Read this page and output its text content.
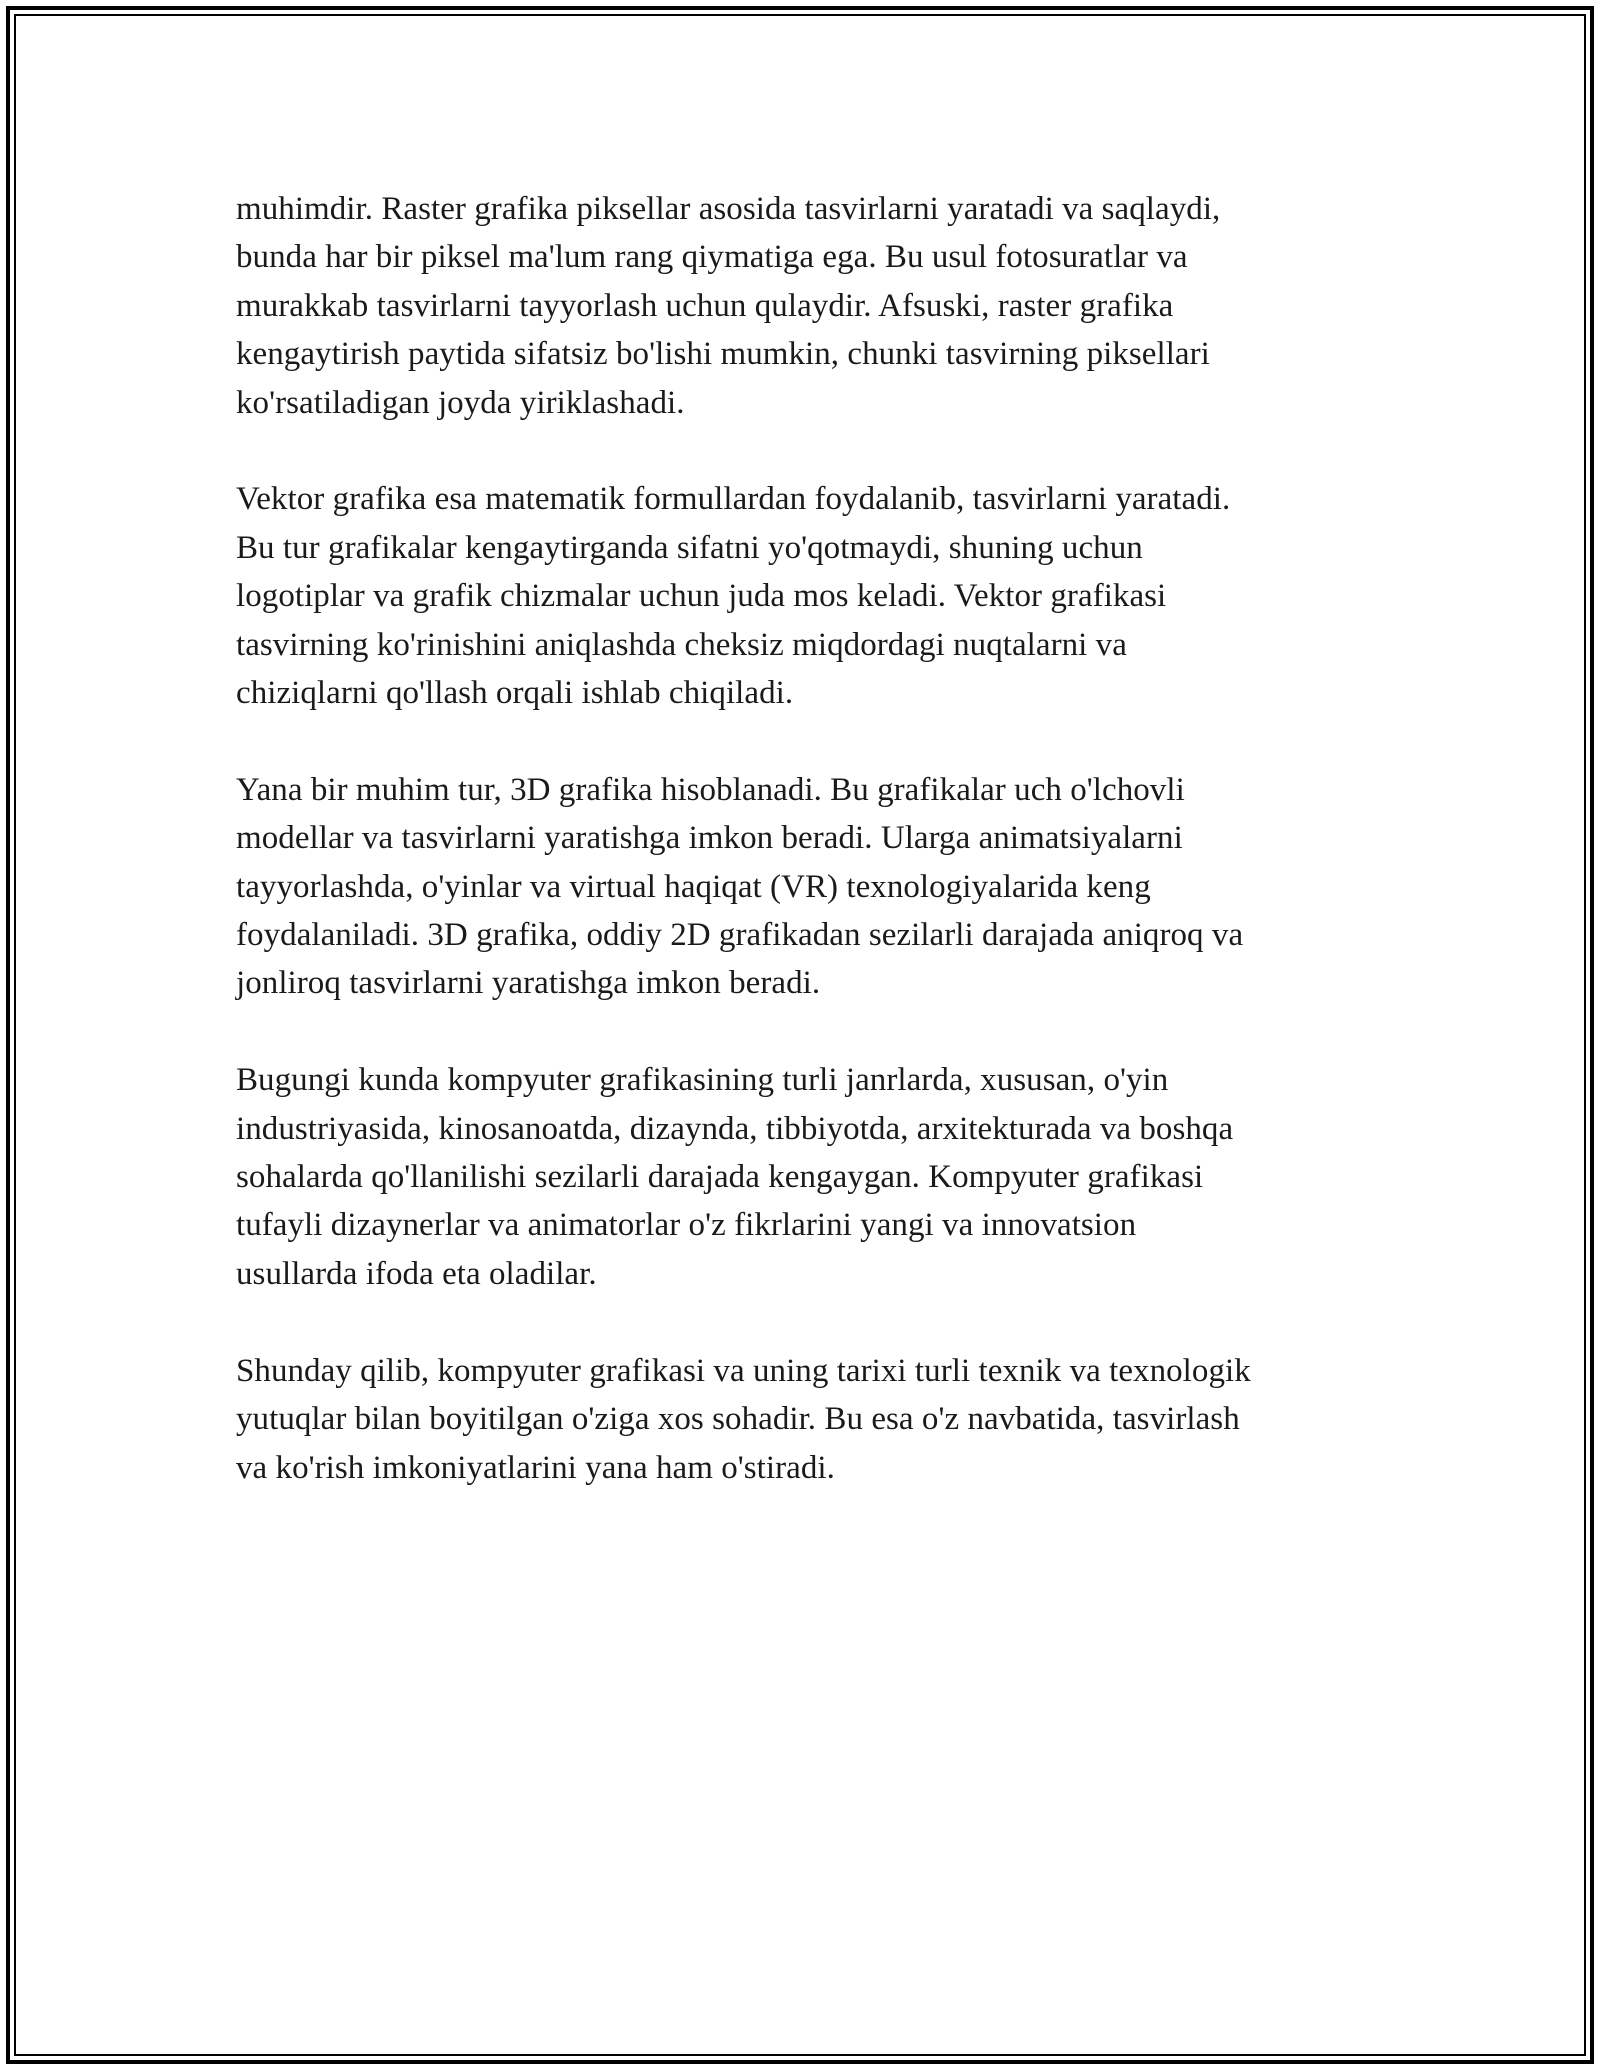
muhimdir. Raster grafika piksellar asosida tasvirlarni yaratadi va saqlaydi,
bunda har bir piksel ma'lum rang qiymatiga ega. Bu usul fotosuratlar va
murakkab tasvirlarni tayyorlash uchun qulaydir. Afsuski, raster grafika
kengaytirish paytida sifatsiz bo'lishi mumkin, chunki tasvirning piksellari
ko'rsatiladigan joyda yiriklashadi.

Vektor grafika esa matematik formullardan foydalanib, tasvirlarni yaratadi.
Bu tur grafikalar kengaytirganda sifatni yo'qotmaydi, shuning uchun
logotiplar va grafik chizmalar uchun juda mos keladi. Vektor grafikasi
tasvirning ko'rinishini aniqlashda cheksiz miqdordagi nuqtalarni va
chiziqlarni qo'llash orqali ishlab chiqiladi.

Yana bir muhim tur, 3D grafika hisoblanadi. Bu grafikalar uch o'lchovli
modellar va tasvirlarni yaratishga imkon beradi. Ularga animatsiyalarni
tayyorlashda, o'yinlar va virtual haqiqat (VR) texnologiyalarida keng
foydalaniladi. 3D grafika, oddiy 2D grafikadan sezilarli darajada aniqroq va
jonliroq tasvirlarni yaratishga imkon beradi.

Bugungi kunda kompyuter grafikasining turli janrlarda, xususan, o'yin
industriyasida, kinosanoatda, dizaynda, tibbiyotda, arxitekturada va boshqa
sohalarda qo'llanilishi sezilarli darajada kengaygan. Kompyuter grafikasi
tufayli dizaynerlar va animatorlar o'z fikrlarini yangi va innovatsion
usullarda ifoda eta oladilar.

Shunday qilib, kompyuter grafikasi va uning tarixi turli texnik va texnologik
yutuqlar bilan boyitilgan o'ziga xos sohadir. Bu esa o'z navbatida, tasvirlash
va ko'rish imkoniyatlarini yana ham o'stiradi.
